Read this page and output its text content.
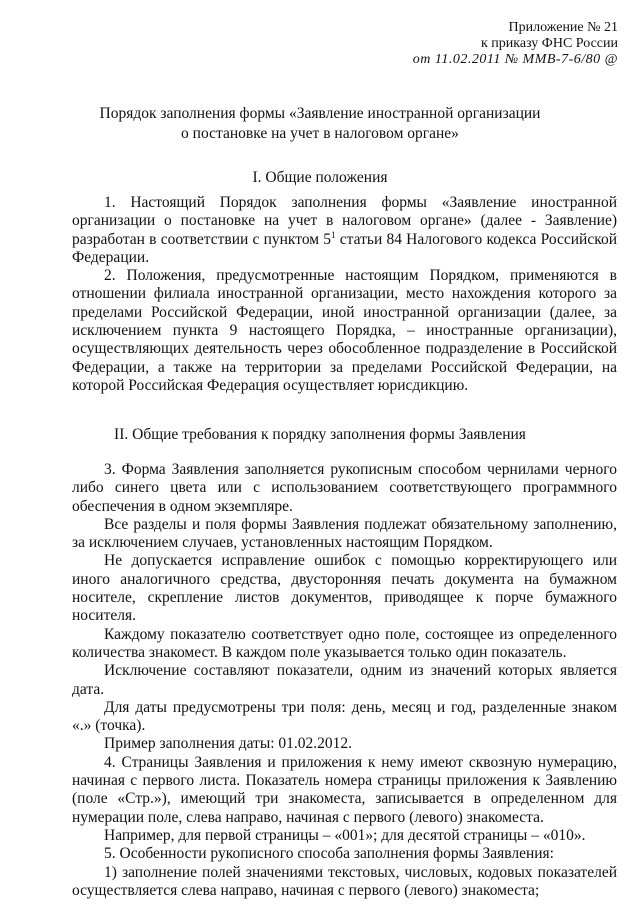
Приложение № 21
к приказу ФНС России
от 11.02.2011 № ММВ-7-6/80 @
Порядок заполнения формы «Заявление иностранной организации
о постановке на учет в налоговом органе»
I. Общие положения

1. Настоящий Порядок заполнения формы «Заявление иностранной организации о постановке на учет в налоговом органе» (далее - Заявление) разработан в соответствии с пунктом $5^1$ статьи 84 Налогового кодекса Российской Федерации.

2. Положения, предусмотренные настоящим Порядком, применяются в отношении филиала иностранной организации, место нахождения которого за пределами Российской Федерации, иной иностранной организации (далее, за исключением пункта 9 настоящего Порядка, – иностранные организации), осуществляющих деятельность через обособленное подразделение в Российской Федерации, а также на территории за пределами Российской Федерации, на которой Российская Федерация осуществляет юрисдикцию.

II. Общие требования к порядку заполнения формы Заявления

3. Форма Заявления заполняется рукописным способом чернилами черного либо синего цвета или с использованием соответствующего программного обеспечения в одном экземпляре.

Все разделы и поля формы Заявления подлежат обязательному заполнению, за исключением случаев, установленных настоящим Порядком.

Не допускается исправление ошибок с помощью корректирующего или иного аналогичного средства, двусторонняя печать документа на бумажном носителе, скрепление листов документов, приводящее к порче бумажного носителя.

Каждому показателю соответствует одно поле, состоящее из определенного количества знакомест. В каждом поле указывается только один показатель.

Исключение составляют показатели, одним из значений которых является дата.

Для даты предусмотрены три поля: день, месяц и год, разделенные знаком «.» (точка).

Пример заполнения даты: 01.02.2012.

4. Страницы Заявления и приложения к нему имеют сквозную нумерацию, начиная с первого листа. Показатель номера страницы приложения к Заявлению (поле «Стр.»), имеющий три знакоместа, записывается в определенном для нумерации поле, слева направо, начиная с первого (левого) знакоместа.

Например, для первой страницы – «001»; для десятой страницы – «010».

5. Особенности рукописного способа заполнения формы Заявления:

1) заполнение полей значениями текстовых, числовых, кодовых показателей осуществляется слева направо, начиная с первого (левого) знакоместа;
